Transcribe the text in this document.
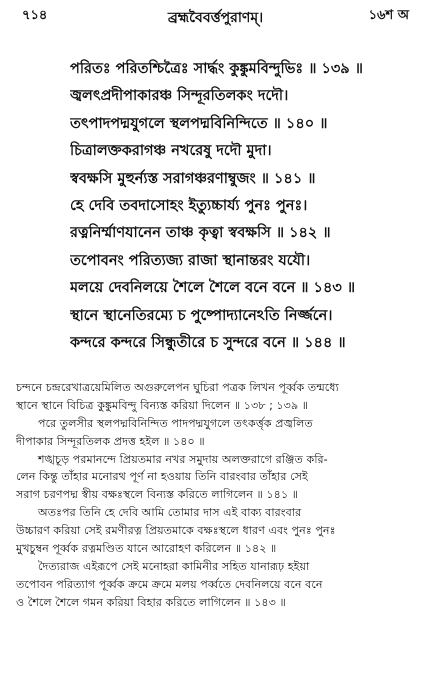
৭১৪	ব্রহ্মবৈবর্ত্তপুরাণম্।	১৬শ অ
পরিতঃ পরিতশ্চিত্রৈঃ সার্দ্ধং কুঙ্কুমবিন্দুভিঃ ॥ ১৩৯ ॥
জ্বলৎপ্রদীপাকারঞ্চ সিন্দূরতিলকং দদৌ।
তৎপাদপদ্মযুগলে স্থলপদ্মবিনিন্দিতে ॥ ১৪০ ॥
চিত্রালক্তকরাগঞ্চ নখরেষু দদৌ মুদা।
স্ববক্ষসি মুহুর্ন্যস্ত সরাগঞ্চরণাম্বুজং ॥ ১৪১ ॥
হে দেবি তবদাসোহং ইত্যুচ্চার্য্য পুনঃ পুনঃ।
রত্ননির্ম্মাণযানেন তাঞ্চ কৃত্বা স্ববক্ষসি ॥ ১৪২ ॥
তপোবনং পরিত্যজ্য রাজা স্থানান্তরং যযৌ।
মলয়ে দেবনিলয়ে শৈলে শৈলে বনে বনে ॥ ১৪৩ ॥
স্থানে স্থানেতিরম্যে চ পুষ্পোদ্যানেঽতি নির্জ্জনে।
কন্দরে কন্দরে সিন্ধুতীরে চ সুন্দরে বনে ॥ ১৪৪ ॥
চন্দনে চন্দ্ররেখাত্রয়েমিলিত অগুরুলেপন ঘুচিরা পত্রক লিখন পূর্ব্বক তন্মধ্যে
স্থানে স্থানে বিচিত্র কুঙ্কুমবিন্দু বিন্যস্ত করিয়া দিলেন ॥ ১৩৮ ; ১৩৯ ॥
পরে তুলসীর স্থলপদ্মবিনিন্দিত পাদপদ্মযুগলে তৎকর্ত্তৃক প্রজ্বলিত
দীপাকার সিন্দূরতিলক প্রদত্ত হইল ॥ ১৪০ ॥
শঙ্খচূড় পরমানন্দে প্রিয়তমার নখর সমুদায় অলক্তরাগে রঞ্জিত করি-
লেন কিন্তু তাঁহার মনোরথ পূর্ণ না হওয়ায় তিনি বারংবার তাঁহার সেই
সরাগ চরণপদ্ম স্বীয় বক্ষঃস্থলে বিন্যস্ত করিতে লাগিলেন ॥ ১৪১ ॥
অতঃপর তিনি হে দেবি আমি তোমার দাস এই বাক্য বারংবার
উচ্চারণ করিয়া সেই রমণীরত্ন প্রিয়তমাকে বক্ষঃস্থলে ধারণ এবং পুনঃ পুনঃ
মুখচুম্বন পূর্ব্বক রত্নমণ্ডিত যানে আরোহণ করিলেন ॥ ১৪২ ॥
দৈত্যরাজ এইরূপে সেই মনোহরা কামিনীর সহিত যানারূঢ় হইয়া
তপোবন পরিত্যাগ পূর্ব্বক ক্রমে ক্রমে মলয় পর্ব্বতে দেবনিলয়ে বনে বনে
ও শৈলে শৈলে গমন করিয়া বিহার করিতে লাগিলেন ॥ ১৪৩ ॥
